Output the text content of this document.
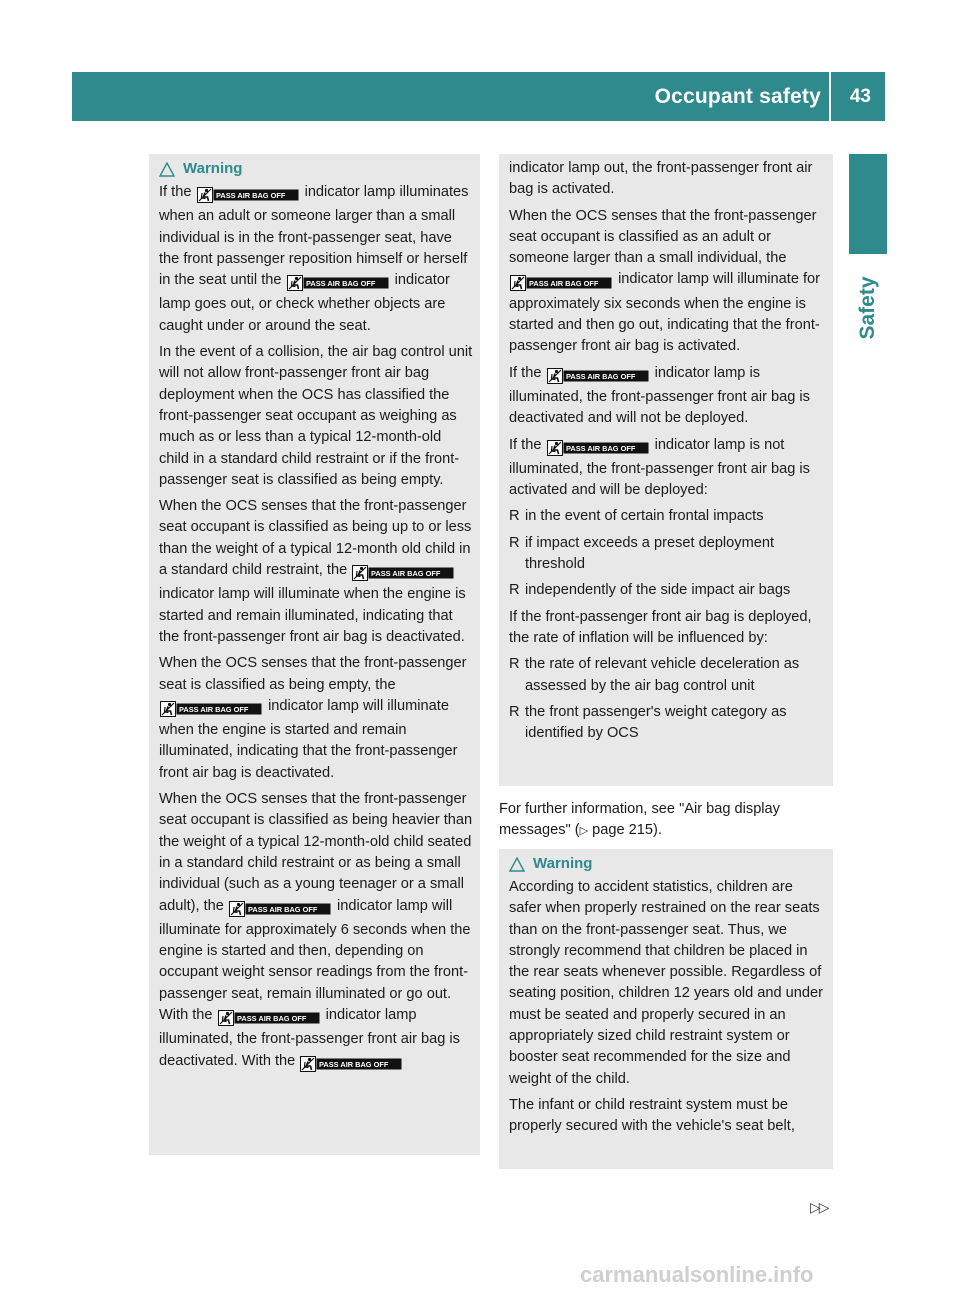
Occupant safety 43
Safety
Warning

If the	indicator lamp illuminates when an adult or someone larger than a small individual is in the front-passenger seat, have the front passenger reposition himself or herself in the seat until the	indicator lamp goes out, or check whether objects are caught under or around the seat.

In the event of a collision, the air bag control unit will not allow front-passenger front air bag deployment when the OCS has classified the front-passenger seat occupant as weighing as much as or less than a typical 12-month-old child in a standard child restraint or if the front-passenger seat is classified as being empty.

When the OCS senses that the front-passenger seat occupant is classified as being up to or less than the weight of a typical 12-month old child in a standard child restraint, the  indicator lamp will illuminate when the engine is started and remain illuminated, indicating that the front-passenger front air bag is deactivated.

When the OCS senses that the front-passenger seat is classified as being empty, the  indicator lamp will illuminate when the engine is started and remain illuminated, indicating that the front-passenger front air bag is deactivated.

When the OCS senses that the front-passenger seat occupant is classified as being heavier than the weight of a typical 12-month-old child seated in a standard child restraint or as being a small individual (such as a young teenager or a small adult), the	indicator lamp will illuminate for approximately 6 seconds when the engine is started and then, depending on occupant weight sensor readings from the front-passenger seat, remain illuminated or go out. With the	indicator lamp illuminated, the front-passenger front air bag is deactivated. With the

indicator lamp out, the front-passenger front air bag is activated.

When the OCS senses that the front-passenger seat occupant is classified as an adult or someone larger than a small individual, the  indicator lamp will illuminate for approximately six seconds when the engine is started and then go out, indicating that the front-passenger front air bag is activated.

If the	indicator lamp is illuminated, the front-passenger front air bag is deactivated and will not be deployed.

If the	indicator lamp is not illuminated, the front-passenger front air bag is activated and will be deployed:

R in the event of certain frontal impacts
R if impact exceeds a preset deployment threshold
R independently of the side impact air bags

If the front-passenger front air bag is deployed, the rate of inflation will be influenced by:

R the rate of relevant vehicle deceleration as assessed by the air bag control unit
R the front passenger's weight category as identified by OCS
For further information, see "Air bag display messages" (▷ page 215).
Warning

According to accident statistics, children are safer when properly restrained on the rear seats than on the front-passenger seat. Thus, we strongly recommend that children be placed in the rear seats whenever possible. Regardless of seating position, children 12 years old and under must be seated and properly secured in an appropriately sized child restraint system or booster seat recommended for the size and weight of the child.

The infant or child restraint system must be properly secured with the vehicle's seat belt,

▷▷
carmanualsonline.info
